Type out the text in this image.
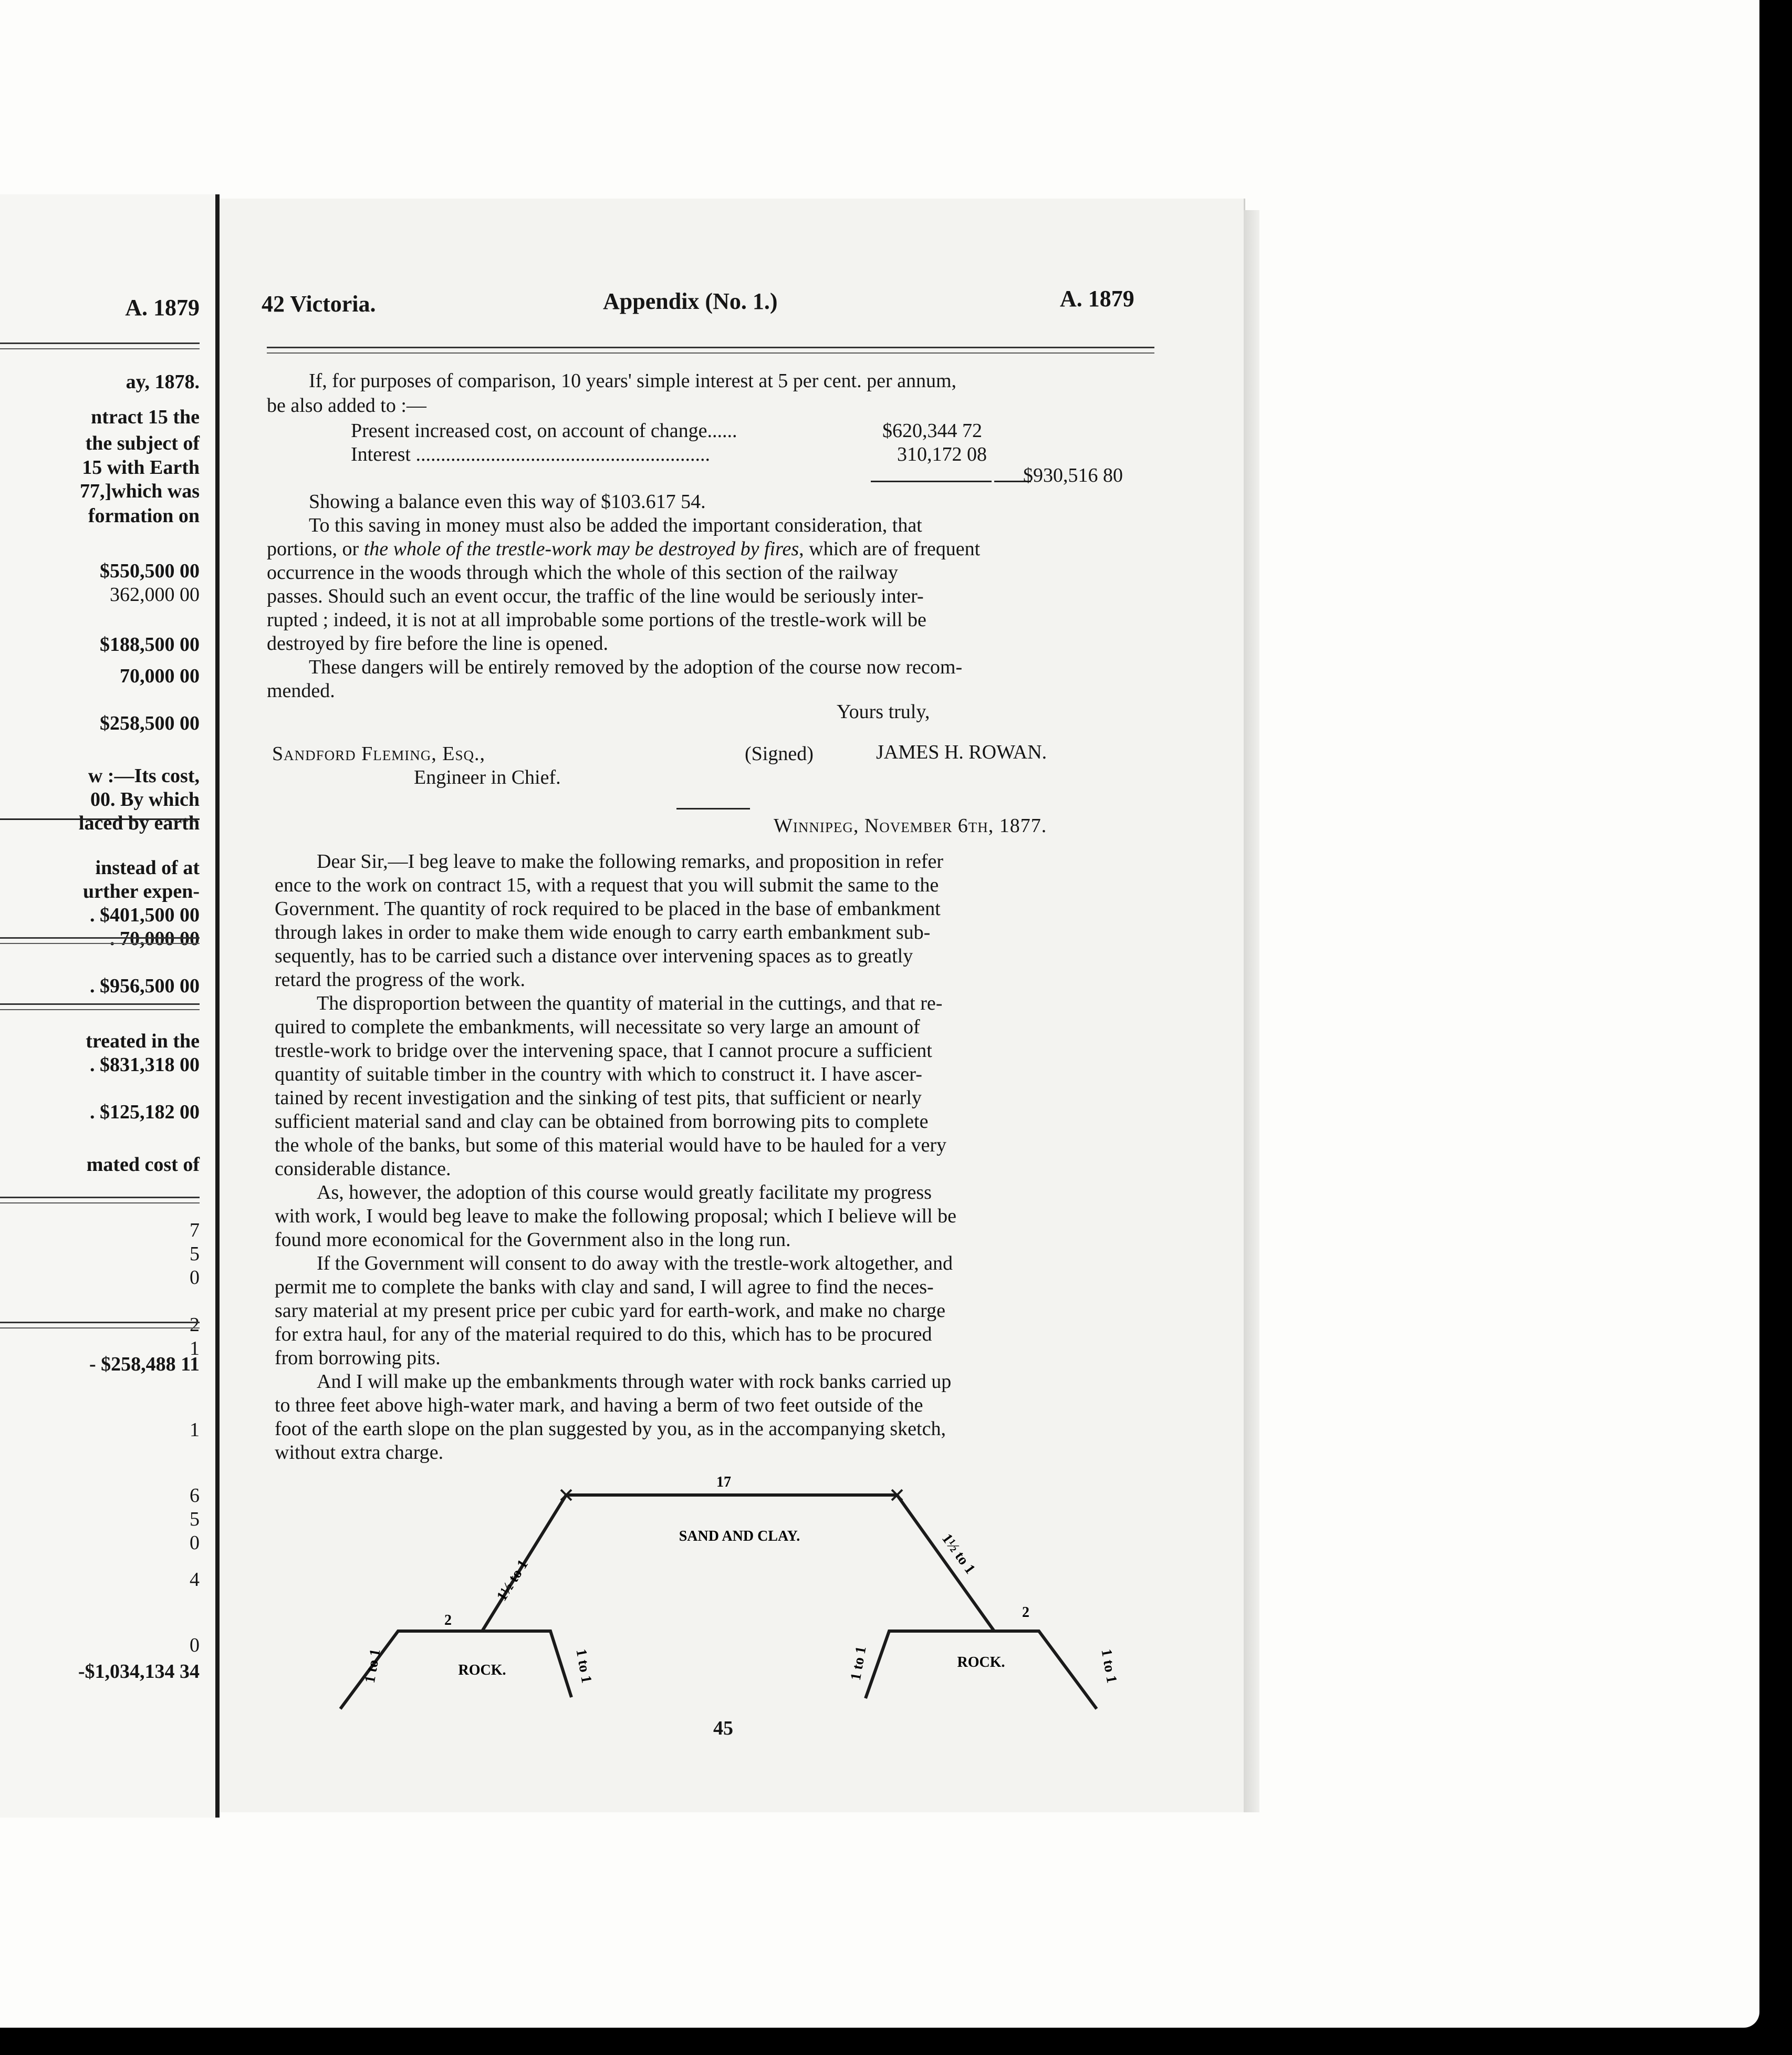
A. 1879
ay, 1878.
ntract 15 the
the subject of
15 with Earth
77,]which was
formation on
$550,500 00
362,000 00
$188,500 00
70,000 00
$258,500 00
w :—Its cost,
00. By which
laced by earth
instead of at
urther expen-
. $401,500 00
. 70,000 00
. $956,500 00
treated in the
. $831,318 00
. $125,182 00
mated cost of
7
5
0
2
1
- $258,488 11
1
6
5
0
4
0
-$1,034,134 34
42 Victoria.	Appendix (No. 1.)	A. 1879
If, for purposes of comparison, 10 years' simple interest at 5 per cent. per annum,
be also added to :—
Present increased cost, on account of change......	$620,344 72
Interest ...........................................................	310,172 08
$930,516 80
Showing a balance even this way of $103.617 54.
To this saving in money must also be added the important consideration, that
portions, or the whole of the trestle-work may be destroyed by fires, which are of frequent
occurrence in the woods through which the whole of this section of the railway
passes. Should such an event occur, the traffic of the line would be seriously inter-
rupted ; indeed, it is not at all improbable some portions of the trestle-work will be
destroyed by fire before the line is opened.
These dangers will be entirely removed by the adoption of the course now recom-
mended.
Yours truly,
Sandford Fleming, Esq.,
Engineer in Chief.
(Signed)	JAMES H. ROWAN.
Winnipeg, November 6th, 1877.
Dear Sir,—I beg leave to make the following remarks, and proposition in refer
ence to the work on contract 15, with a request that you will submit the same to the
Government. The quantity of rock required to be placed in the base of embankment
through lakes in order to make them wide enough to carry earth embankment sub-
sequently, has to be carried such a distance over intervening spaces as to greatly
retard the progress of the work.
The disproportion between the quantity of material in the cuttings, and that re-
quired to complete the embankments, will necessitate so very large an amount of
trestle-work to bridge over the intervening space, that I cannot procure a sufficient
quantity of suitable timber in the country with which to construct it. I have ascer-
tained by recent investigation and the sinking of test pits, that sufficient or nearly
sufficient material sand and clay can be obtained from borrowing pits to complete
the whole of the banks, but some of this material would have to be hauled for a very
considerable distance.
As, however, the adoption of this course would greatly facilitate my progress
with work, I would beg leave to make the following proposal; which I believe will be
found more economical for the Government also in the long run.
If the Government will consent to do away with the trestle-work altogether, and
permit me to complete the banks with clay and sand, I will agree to find the neces-
sary material at my present price per cubic yard for earth-work, and make no charge
for extra haul, for any of the material required to do this, which has to be procured
from borrowing pits.
And I will make up the embankments through water with rock banks carried up
to three feet above high-water mark, and having a berm of two feet outside of the
foot of the earth slope on the plan suggested by you, as in the accompanying sketch,
without extra charge.
17
SAND AND CLAY.
1½ to 1
1½ to 1
2	2
ROCK.	ROCK.
1 to 1	1 to 1	1 to 1	1 to 1
45
